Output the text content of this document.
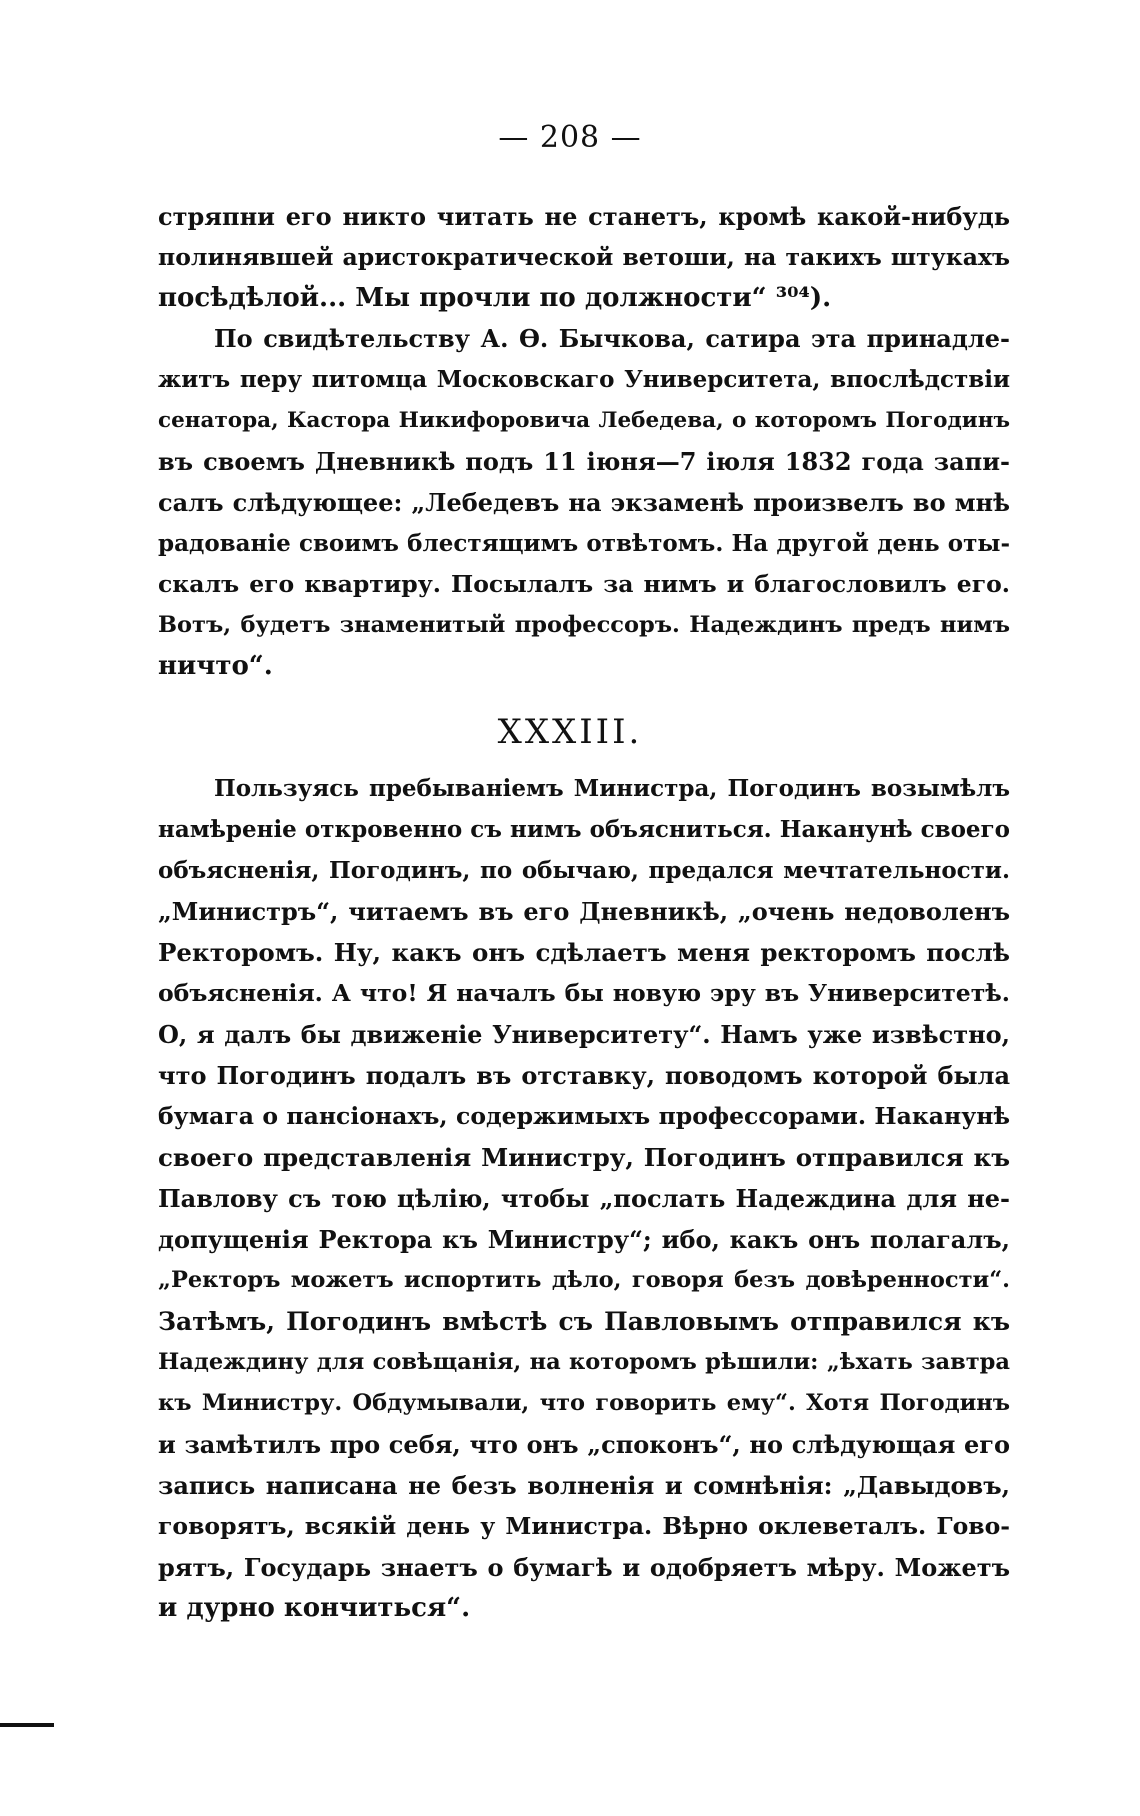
— 208 —
стряпни его никто читать не станетъ, кромѣ какой-нибудь
полинявшей аристократической ветоши, на такихъ штукахъ
посѣдѣлой... Мы прочли по должности“ ³⁰⁴).
По свидѣтельству А. Ѳ. Бычкова, сатира эта принадле-
житъ перу питомца Московскаго Университета, впослѣдствіи
сенатора, Кастора Никифоровича Лебедева, о которомъ Погодинъ
въ своемъ Дневникѣ подъ 11 іюня—7 іюля 1832 года запи-
салъ слѣдующее: „Лебедевъ на экзаменѣ произвелъ во мнѣ
радованіе своимъ блестящимъ отвѣтомъ. На другой день оты-
скалъ его квартиру. Посылалъ за нимъ и благословилъ его.
Вотъ, будетъ знаменитый профессоръ. Надеждинъ предъ нимъ
ничто“.
XXXIII.
Пользуясь пребываніемъ Министра, Погодинъ возымѣлъ
намѣреніе откровенно съ нимъ объясниться. Наканунѣ своего
объясненія, Погодинъ, по обычаю, предался мечтательности.
„Министръ“, читаемъ въ его Дневникѣ, „очень недоволенъ
Ректоромъ. Ну, какъ онъ сдѣлаетъ меня ректоромъ послѣ
объясненія. А что! Я началъ бы новую эру въ Университетѣ.
О, я далъ бы движеніе Университету“. Намъ уже извѣстно,
что Погодинъ подалъ въ отставку, поводомъ которой была
бумага о пансіонахъ, содержимыхъ профессорами. Наканунѣ
своего представленія Министру, Погодинъ отправился къ
Павлову съ тою цѣлію, чтобы „послать Надеждина для не-
допущенія Ректора къ Министру“; ибо, какъ онъ полагалъ,
„Ректоръ можетъ испортить дѣло, говоря безъ довѣренности“.
Затѣмъ, Погодинъ вмѣстѣ съ Павловымъ отправился къ
Надеждину для совѣщанія, на которомъ рѣшили: „ѣхать завтра
къ Министру. Обдумывали, что говорить ему“. Хотя Погодинъ
и замѣтилъ про себя, что онъ „споконъ“, но слѣдующая его
запись написана не безъ волненія и сомнѣнія: „Давыдовъ,
говорятъ, всякій день у Министра. Вѣрно оклеветалъ. Гово-
рятъ, Государь знаетъ о бумагѣ и одобряетъ мѣру. Можетъ
и дурно кончиться“.
